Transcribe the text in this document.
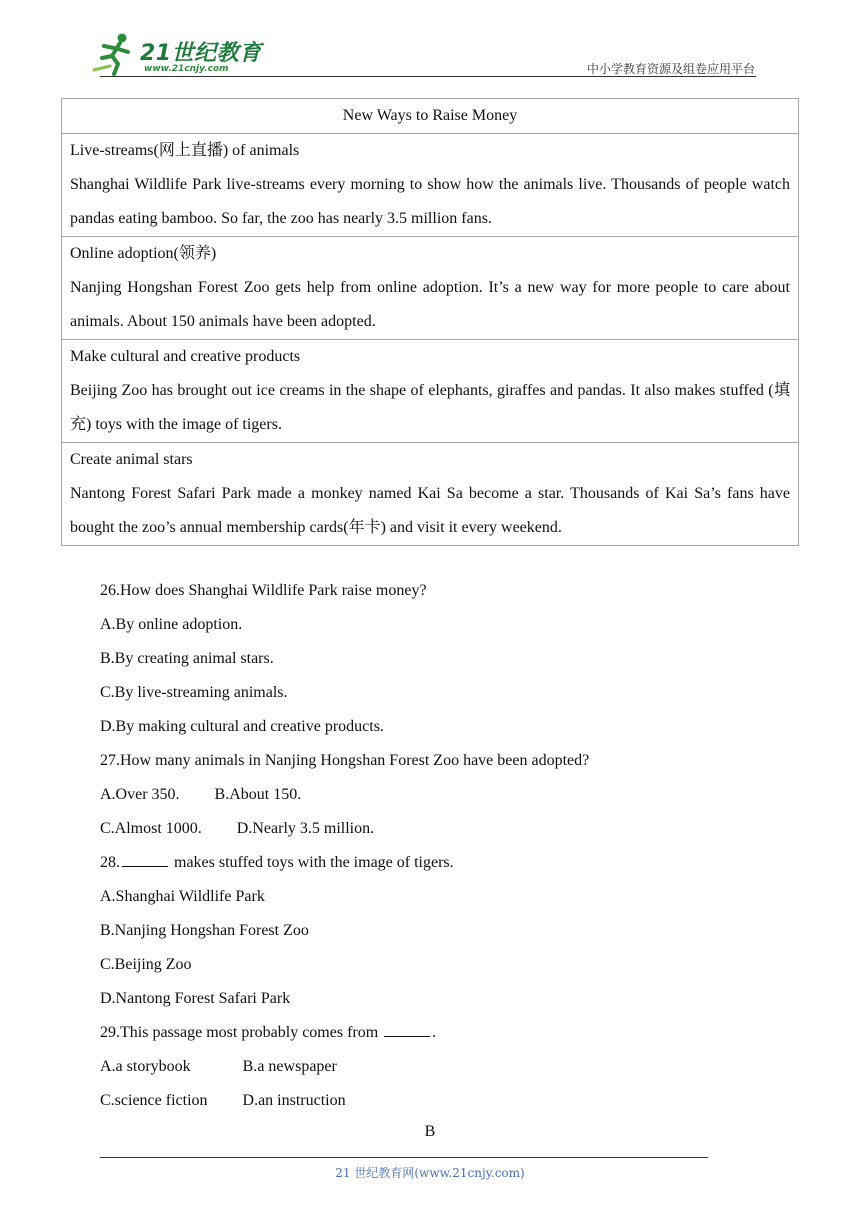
21世纪教育
www.21cnjy.com	中小学教育资源及组卷应用平台
New Ways to Raise Money

Live-streams(网上直播) of animals
Shanghai Wildlife Park live-streams every morning to show how the animals live. Thousands of people watch pandas eating bamboo. So far, the zoo has nearly 3.5 million fans.

Online adoption(领养)
Nanjing Hongshan Forest Zoo gets help from online adoption. It’s a new way for more people to care about animals. About 150 animals have been adopted.

Make cultural and creative products
Beijing Zoo has brought out ice creams in the shape of elephants, giraffes and pandas. It also makes stuffed (填充) toys with the image of tigers.

Create animal stars
Nantong Forest Safari Park made a monkey named Kai Sa become a star. Thousands of Kai Sa’s fans have bought the zoo’s annual membership cards(年卡) and visit it every weekend.
26.How does Shanghai Wildlife Park raise money?
A.By online adoption.
B.By creating animal stars.
C.By live-streaming animals.
D.By making cultural and creative products.
27.How many animals in Nanjing Hongshan Forest Zoo have been adopted?
A.Over 350. B.About 150.
C.Almost 1000. D.Nearly 3.5 million.
28.	makes stuffed toys with the image of tigers.
A.Shanghai Wildlife Park
B.Nanjing Hongshan Forest Zoo
C.Beijing Zoo
D.Nantong Forest Safari Park
29.This passage most probably comes from	.
A.a storybook	B.a newspaper
C.science fiction D.an instruction
B
21 世纪教育网(www.21cnjy.com)
